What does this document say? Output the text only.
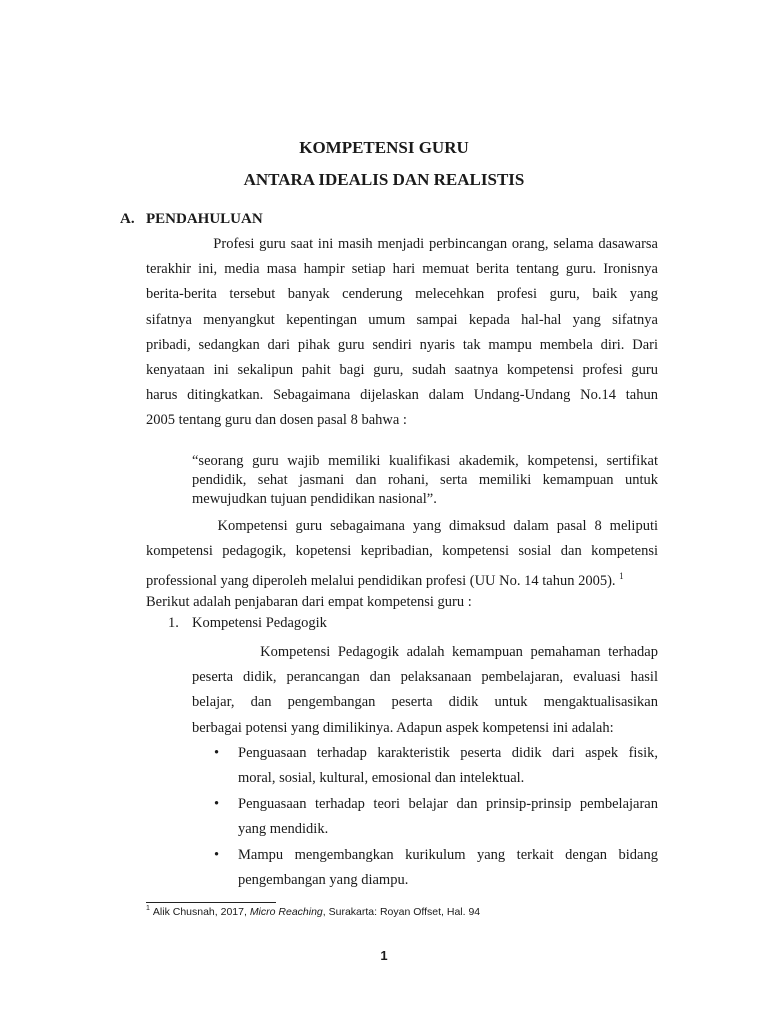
KOMPETENSI GURU
ANTARA IDEALIS DAN REALISTIS
A. PENDAHULUAN
Profesi guru saat ini masih menjadi perbincangan orang, selama dasawarsa
terakhir ini, media masa hampir setiap hari memuat berita tentang guru. Ironisnya
berita-berita tersebut banyak cenderung melecehkan profesi guru, baik yang
sifatnya menyangkut kepentingan umum sampai kepada hal-hal yang sifatnya
pribadi, sedangkan dari pihak guru sendiri nyaris tak mampu membela diri. Dari
kenyataan ini sekalipun pahit bagi guru, sudah saatnya kompetensi profesi guru
harus ditingkatkan. Sebagaimana dijelaskan dalam Undang-Undang No.14 tahun
2005 tentang guru dan dosen pasal 8 bahwa :
“seorang guru wajib memiliki kualifikasi akademik, kompetensi, sertifikat
pendidik, sehat jasmani dan rohani, serta memiliki kemampuan untuk
mewujudkan tujuan pendidikan nasional”.
Kompetensi guru sebagaimana yang dimaksud dalam pasal 8 meliputi
kompetensi pedagogik, kopetensi kepribadian, kompetensi sosial dan kompetensi
professional yang diperoleh melalui pendidikan profesi (UU No. 14 tahun 2005). $^1$
Berikut adalah penjabaran dari empat kompetensi guru :
1. Kompetensi Pedagogik
Kompetensi Pedagogik adalah kemampuan pemahaman terhadap
peserta didik, perancangan dan pelaksanaan pembelajaran, evaluasi hasil
belajar, dan pengembangan peserta didik untuk mengaktualisasikan
berbagai potensi yang dimilikinya. Adapun aspek kompetensi ini adalah:
•	Penguasaan terhadap karakteristik peserta didik dari aspek fisik,
moral, sosial, kultural, emosional dan intelektual.
•	Penguasaan terhadap teori belajar dan prinsip-prinsip pembelajaran
yang mendidik.
•	Mampu mengembangkan kurikulum yang terkait dengan bidang
pengembangan yang diampu.
$^1$ Alik Chusnah, 2017, Micro Reaching, Surakarta: Royan Offset, Hal. 94
1
